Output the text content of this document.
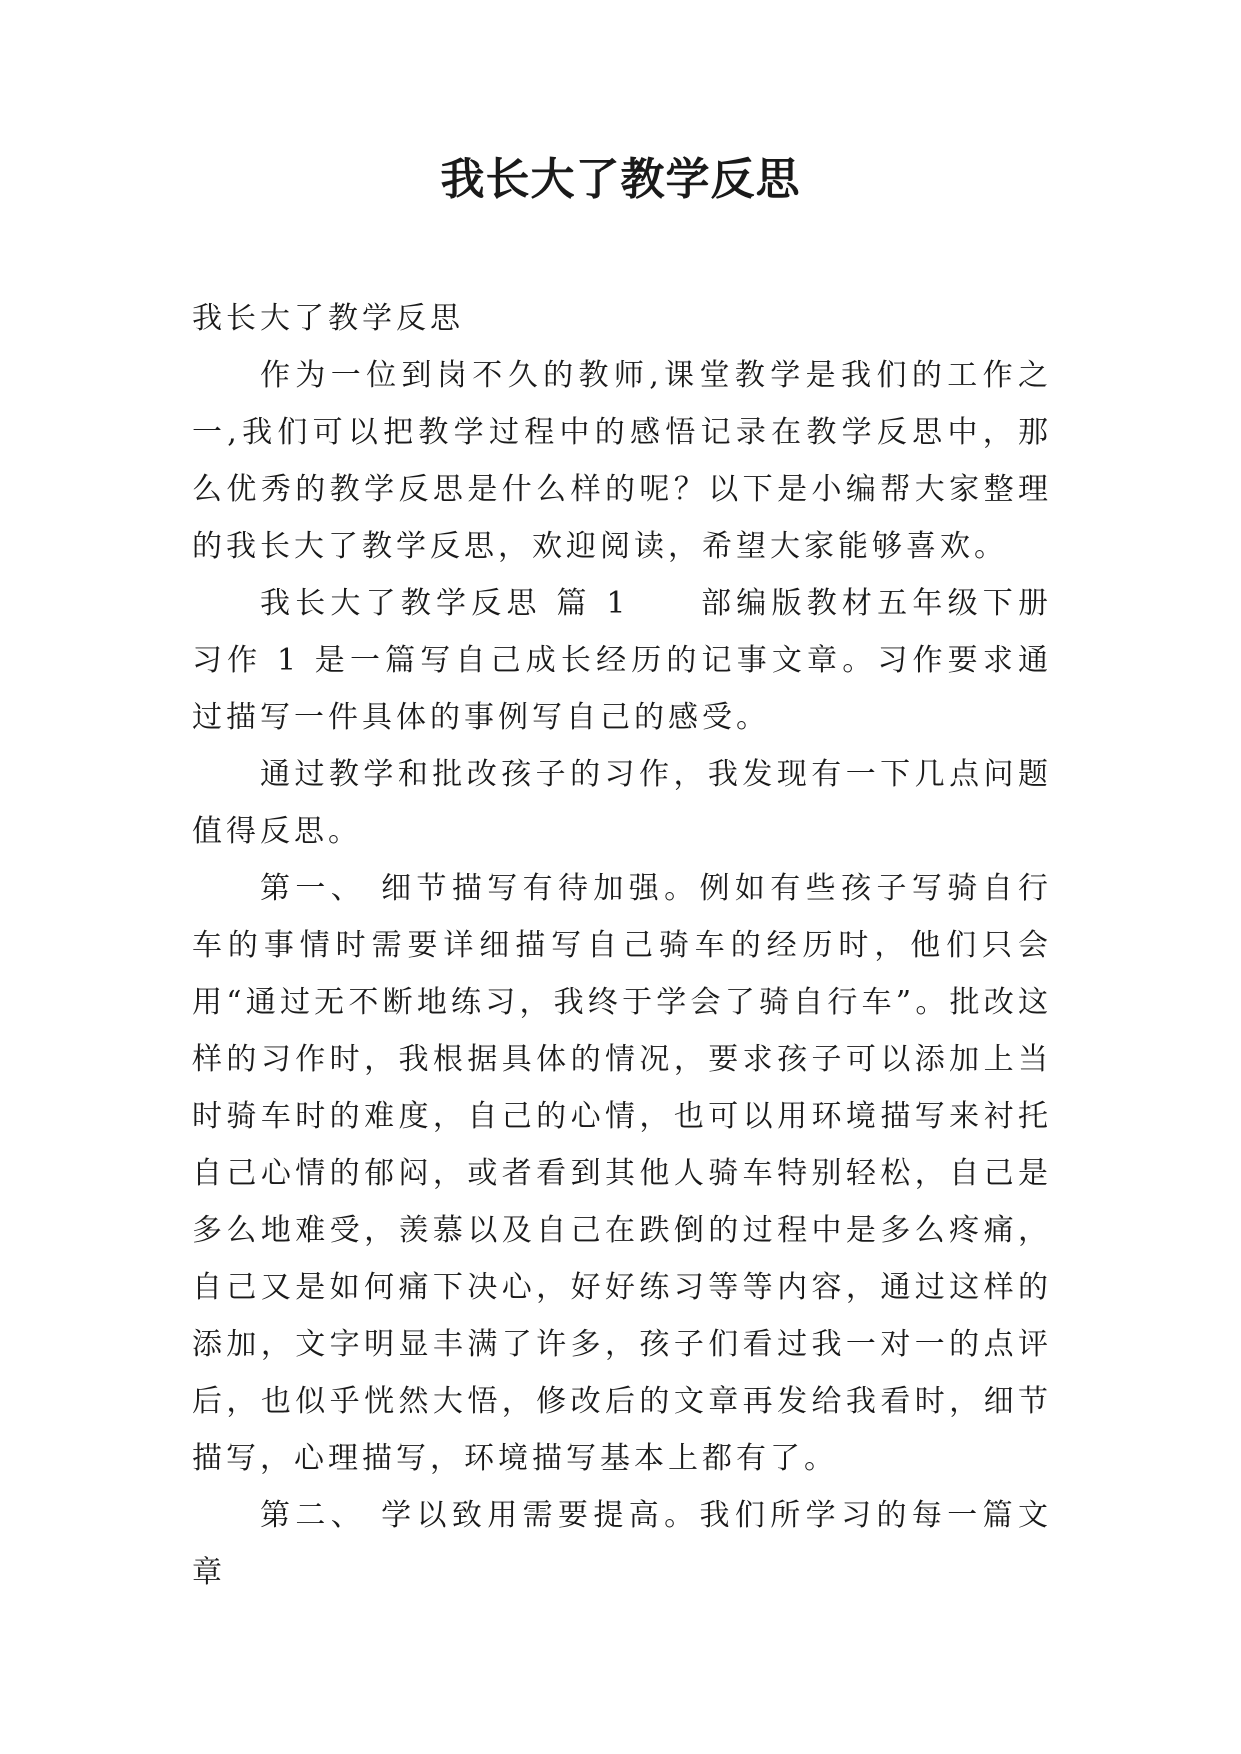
我长大了教学反思

我长大了教学反思

作为一位到岗不久的教师,课堂教学是我们的工作之一,我们可以把教学过程中的感悟记录在教学反思中，那么优秀的教学反思是什么样的呢？以下是小编帮大家整理的我长大了教学反思，欢迎阅读，希望大家能够喜欢。

我长大了教学反思 篇 1　　部编版教材五年级下册习作 1 是一篇写自己成长经历的记事文章。习作要求通过描写一件具体的事例写自己的感受。

通过教学和批改孩子的习作，我发现有一下几点问题值得反思。

第一、 细节描写有待加强。例如有些孩子写骑自行车的事情时需要详细描写自己骑车的经历时，他们只会用“通过无不断地练习，我终于学会了骑自行车”。批改这样的习作时，我根据具体的情况，要求孩子可以添加上当时骑车时的难度，自己的心情，也可以用环境描写来衬托自己心情的郁闷，或者看到其他人骑车特别轻松，自己是多么地难受，羡慕以及自己在跌倒的过程中是多么疼痛，自己又是如何痛下决心，好好练习等等内容，通过这样的添加，文字明显丰满了许多，孩子们看过我一对一的点评后，也似乎恍然大悟，修改后的文章再发给我看时，细节描写，心理描写，环境描写基本上都有了。

第二、 学以致用需要提高。我们所学习的每一篇文章
